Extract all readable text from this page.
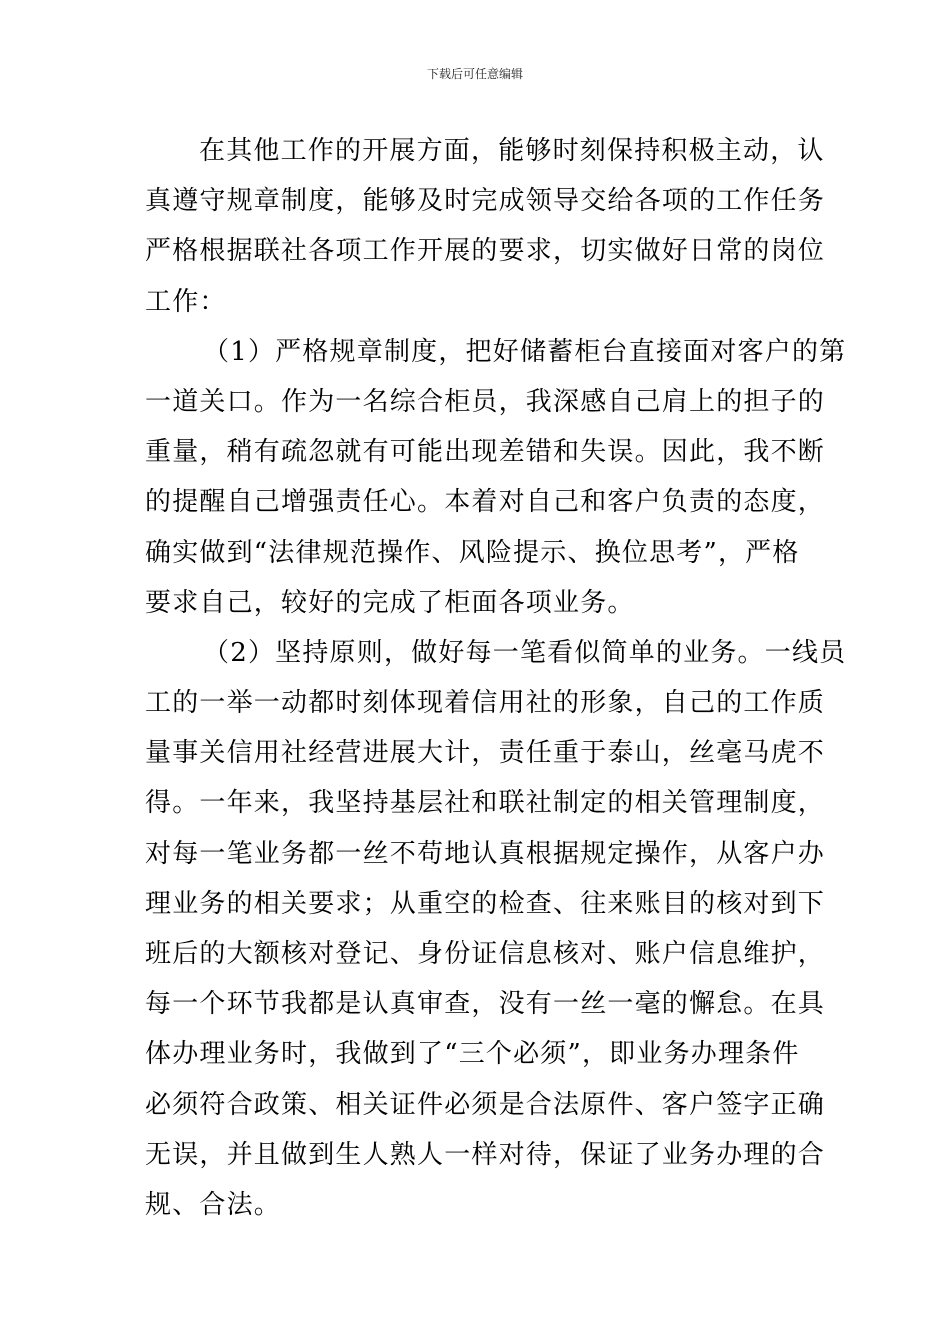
下载后可任意编辑
在其他工作的开展方面，能够时刻保持积极主动，认
真遵守规章制度，能够及时完成领导交给各项的工作任务
严格根据联社各项工作开展的要求，切实做好日常的岗位
工作：
（1）严格规章制度，把好储蓄柜台直接面对客户的第
一道关口。作为一名综合柜员，我深感自己肩上的担子的
重量，稍有疏忽就有可能出现差错和失误。因此，我不断
的提醒自己增强责任心。本着对自己和客户负责的态度，
确实做到“法律规范操作、风险提示、换位思考”，严格
要求自己，较好的完成了柜面各项业务。
（2）坚持原则，做好每一笔看似简单的业务。一线员
工的一举一动都时刻体现着信用社的形象，自己的工作质
量事关信用社经营进展大计，责任重于泰山，丝毫马虎不
得。一年来，我坚持基层社和联社制定的相关管理制度，
对每一笔业务都一丝不苟地认真根据规定操作，从客户办
理业务的相关要求；从重空的检查、往来账目的核对到下
班后的大额核对登记、身份证信息核对、账户信息维护，
每一个环节我都是认真审查，没有一丝一毫的懈怠。在具
体办理业务时，我做到了“三个必须”，即业务办理条件
必须符合政策、相关证件必须是合法原件、客户签字正确
无误，并且做到生人熟人一样对待，保证了业务办理的合
规、合法。
